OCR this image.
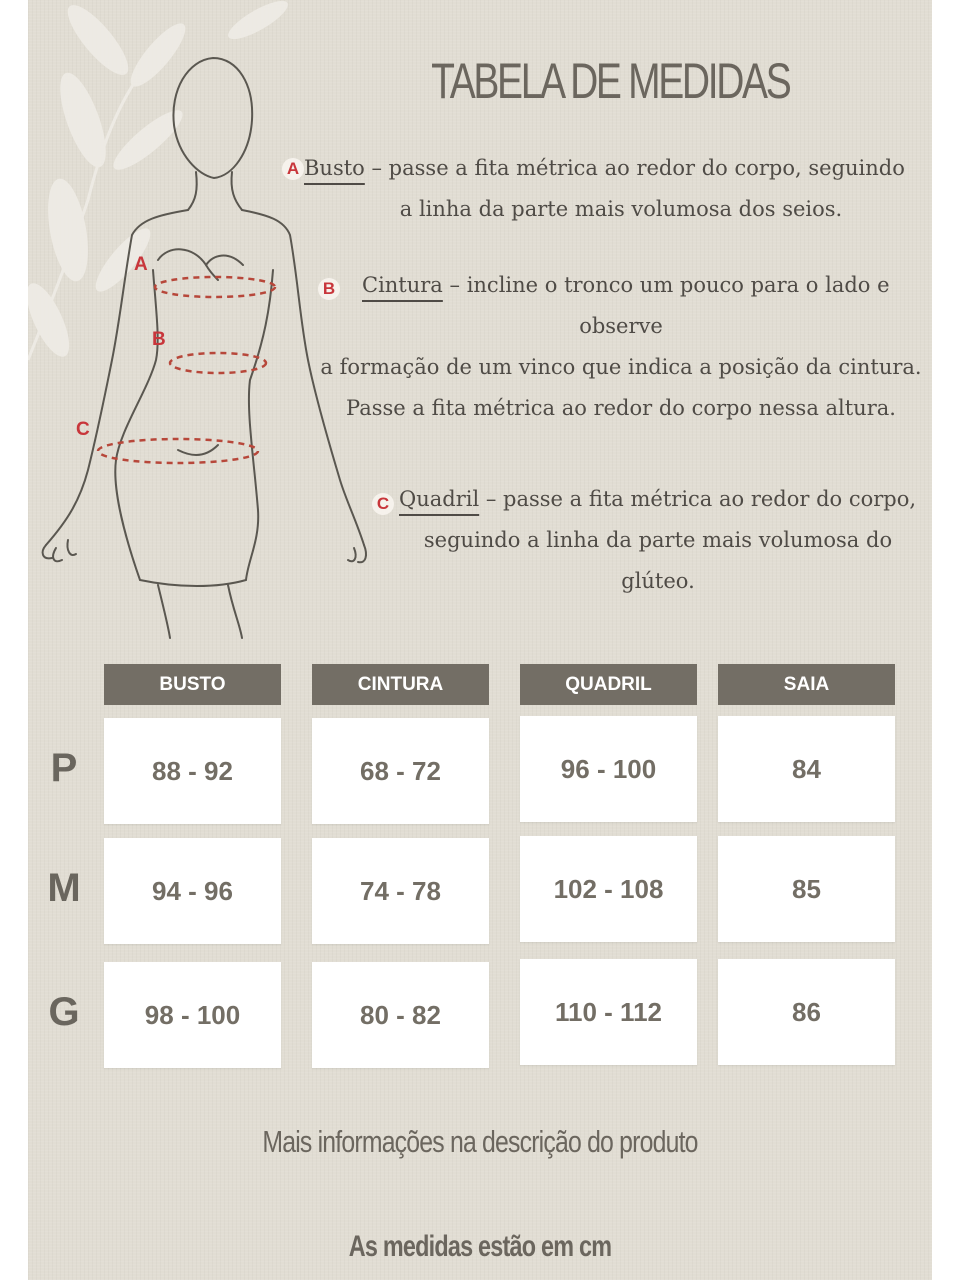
A
B
C
TABELA DE MEDIDAS
A Busto – passe a fita métrica ao redor do corpo, seguindo
a linha da parte mais volumosa dos seios.
B Cintura – incline o tronco um pouco para o lado e
observe
a formação de um vinco que indica a posição da cintura.
Passe a fita métrica ao redor do corpo nessa altura.
C Quadril – passe a fita métrica ao redor do corpo,
seguindo a linha da parte mais volumosa do
glúteo.
BUSTO	CINTURA	QUADRIL	SAIA
P	88 - 92	68 - 72	96 - 100	84
M	94 - 96	74 - 78	102 - 108	85
G	98 - 100	80 - 82	110 - 112	86
Mais informações na descrição do produto
As medidas estão em cm
